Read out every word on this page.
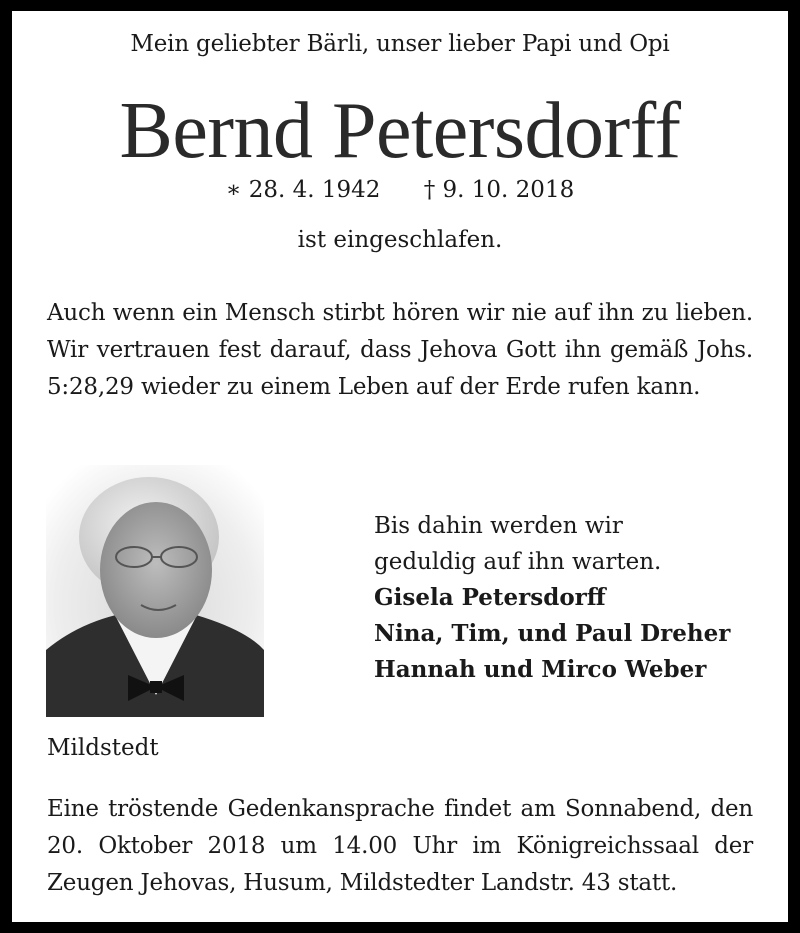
Mein geliebter Bärli, unser lieber Papi und Opi
Bernd Petersdorff
∗ 28. 4. 1942 † 9. 10. 2018
ist eingeschlafen.
Auch wenn ein Mensch stirbt hören wir nie auf ihn zu lieben. Wir vertrauen fest darauf, dass Jehova Gott ihn gemäß Johs. 5:28,29 wieder zu einem Leben auf der Erde rufen kann.
Bis dahin werden wir
geduldig auf ihn warten.
Gisela Petersdorff
Nina, Tim, und Paul Dreher
Hannah und Mirco Weber
Mildstedt
Eine tröstende Gedenkansprache findet am Sonnabend, den 20. Oktober 2018 um 14.00 Uhr im Königreichssaal der Zeugen Jehovas, Husum, Mildstedter Landstr. 43 statt.
